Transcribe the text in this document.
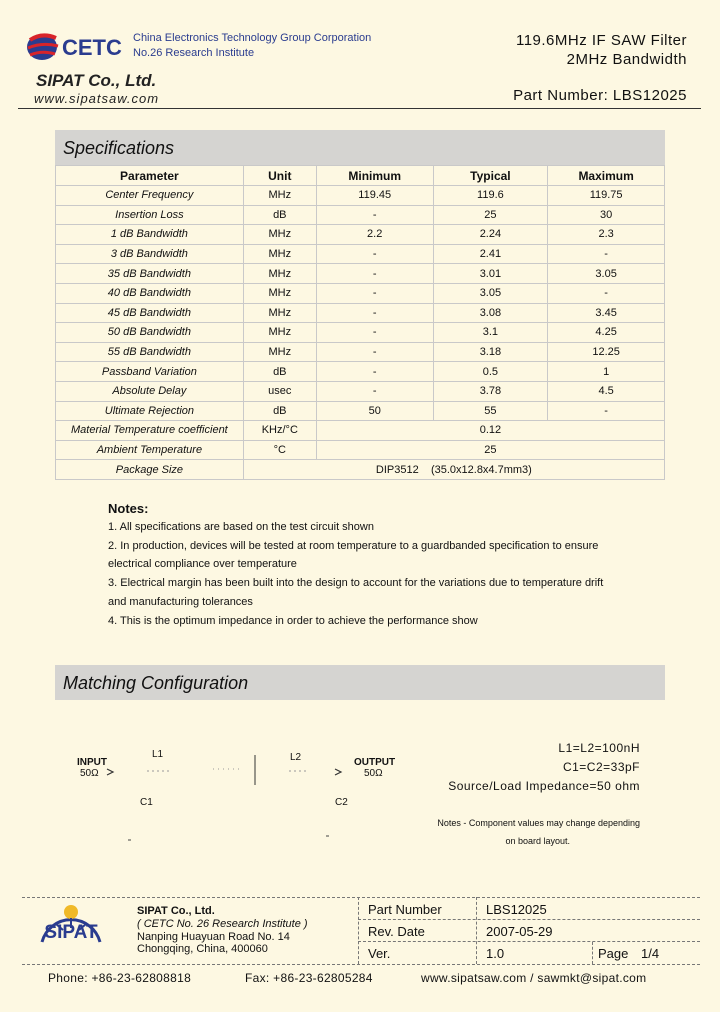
CETC China Electronics Technology Group Corporation
No.26 Research Institute
SIPAT Co., Ltd.
www.sipatsaw.com
119.6MHz IF SAW Filter
2MHz Bandwidth
Part Number: LBS12025
Specifications
Parameter	Unit	Minimum	Typical	Maximum
Center Frequency	MHz	119.45	119.6	119.75
Insertion Loss	dB	-	25	30
1 dB Bandwidth	MHz	2.2	2.24	2.3
3 dB Bandwidth	MHz	-	2.41	-
35 dB Bandwidth	MHz	-	3.01	3.05
40 dB Bandwidth	MHz	-	3.05	-
45 dB Bandwidth	MHz	-	3.08	3.45
50 dB Bandwidth	MHz	-	3.1	4.25
55 dB Bandwidth	MHz	-	3.18	12.25
Passband Variation	dB	-	0.5	1
Absolute Delay	usec	-	3.78	4.5
Ultimate Rejection	dB	50	55	-
Material Temperature coefficient	KHz/°C	0.12		
Ambient Temperature	°C	25		
Package Size	DIP3512    (35.0x12.8x4.7mm3)			
Notes:
1. All specifications are based on the test circuit shown
2. In production, devices will be tested at room temperature to a guardbanded specification to ensure
electrical compliance over temperature
3. Electrical margin has been built into the design to account for the variations due to temperature drift
and manufacturing tolerances
4. This is the optimum impedance in order to achieve the performance show
Matching Configuration
INPUT
50Ω
L1	L2	OUTPUT
50Ω
C1	C2
L1=L2=100nH
C1=C2=33pF
Source/Load Impedance=50 ohm
Notes - Component values may change depending
on board layout.
SIPAT
SIPAT Co., Ltd.
( CETC No. 26 Research Institute )
Nanping Huayuan Road No. 14
Chongqing, China, 400060
Part Number	LBS12025
Rev. Date	2007-05-29
Ver.	1.0	Page 1/4
Phone: +86-23-62808818	Fax: +86-23-62805284	www.sipatsaw.com / sawmkt@sipat.com
